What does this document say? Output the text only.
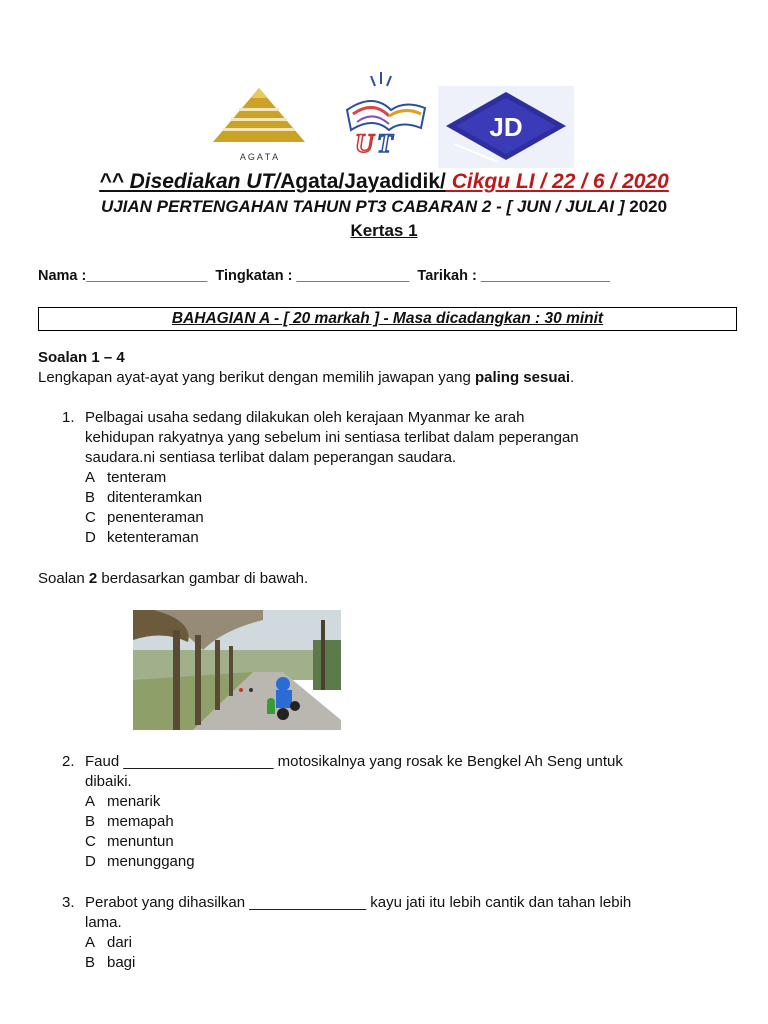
A G A T A	U T
JD
^^ Disediakan UT/Agata/Jayadidik/ Cikgu LI / 22 / 6 / 2020
UJIAN PERTENGAHAN TAHUN PT3 CABARAN 2 - [ JUN / JULAI ] 2020
Kertas 1
Nama :_______________  Tingkatan : ______________  Tarikah : ________________
BAHAGIAN A - [ 20 markah ] - Masa dicadangkan : 30 minit
Soalan 1 – 4
Lengkapan ayat-ayat yang berikut dengan memilih jawapan yang paling sesuai.
1. Pelbagai usaha sedang dilakukan oleh kerajaan Myanmar ke arah
kehidupan rakyatnya yang sebelum ini sentiasa terlibat dalam peperangan
saudara.ni sentiasa terlibat dalam peperangan saudara.
A tenteram
B ditenteramkan
C penenteraman
D ketenteraman
Soalan 2 berdasarkan gambar di bawah.
2. Faud __________________ motosikalnya yang rosak ke Bengkel Ah Seng untuk
dibaiki.
A menarik
B memapah
C menuntun
D menunggang
3. Perabot yang dihasilkan ______________ kayu jati itu lebih cantik dan tahan lebih
lama.
A dari
B bagi
